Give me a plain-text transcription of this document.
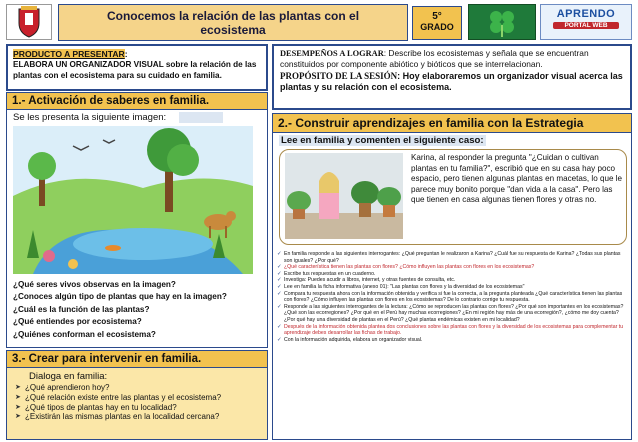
Conocemos la relación de las plantas con el
ecosistema
5°
GRADO
APRENDO
PORTAL WEB
PRODUCTO A PRESENTAR:
ELABORA UN ORGANIZADOR VISUAL sobre la relación de las plantas con el ecosistema para su cuidado en familia.
DESEMPEÑOS A LOGRAR: Describe los ecosistemas y señala que se encuentran constituidos por componente abiótico y bióticos que se interrelacionan.
PROPÓSITO DE LA SESIÓN: Hoy elaboraremos un organizador visual acerca las plantas y su relación con el ecosistema.
1.- Activación de saberes en familia.
Se les presenta la siguiente imagen:
¿Qué seres vivos observas en la imagen?
¿Conoces algún tipo de plantas que hay en la imagen?
¿Cuál es la función de las plantas?
¿Qué entiendes por ecosistema?
¿Quiénes conforman el ecosistema?
3.- Crear para intervenir en familia.
Dialoga en familia:
➤ ¿Qué aprendieron hoy?
➤ ¿Qué relación existe entre las plantas y el ecosistema?
➤ ¿Qué tipos de plantas hay en tu localidad?
➤ ¿Existirán las mismas plantas en la localidad cercana?
2.- Construir aprendizajes en familia con la Estrategia
Lee en familia y comenten el siguiente caso:
Karina, al responder la pregunta "¿Cuidan o cultivan plantas en tu familia?", escribió que en su casa hay poco espacio, pero tienen algunas plantas en macetas, lo que le parece muy bonito porque "dan vida a la casa". Pero las que tienen en casa algunas tienen flores y otras no.
✓ En familia responde a las siguientes interrogantes: ¿Qué preguntan le realizaron a Karina? ¿Cuál fue su respuesta de Karina? ¿Todas sus plantas son iguales? ¿Por qué?
✓ ¿Qué característica tienen las plantas con flores? ¿Cómo influyen las plantas con flores en los ecosistemas?
✓ Escribe tus respuestas en un cuaderno.
✓ Investiga: Puedes acudir a libros, internet, y otras fuentes de consulta, etc.
✓ Lee en familia la ficha informativa (anexo 01): "Las plantas con flores y la diversidad de los ecosistemas"
✓ Compara tu respuesta ahora con la información obtenida y verifica si fue la correcta, a la pregunta planteada ¿Qué característica tienen las plantas con flores? ¿Cómo influyen las plantas con flores en los ecosistemas? De lo contrario corrige tu respuesta.
✓ Responde a las siguientes interrogantes de la lectura: ¿Cómo se reproducen las plantas con flores? ¿Por qué son importantes en los ecosistemas? ¿Qué son las ecorregiones? ¿Por qué en el Perú hay muchas ecorregiones? ¿En mi región hay más de una ecorregión?, ¿cómo me doy cuenta? ¿Por qué hay una diversidad de plantas en el Perú? ¿Qué plantas endémicas existen en mi localidad?
✓ Después de la información obtenida plantea dos conclusiones sobre las plantas con flores y la diversidad de los ecosistemas para complementar tu aprendizaje debes desarrollar las fichas de trabajo.
✓ Con la información adquirida, elabora un organizador visual.
